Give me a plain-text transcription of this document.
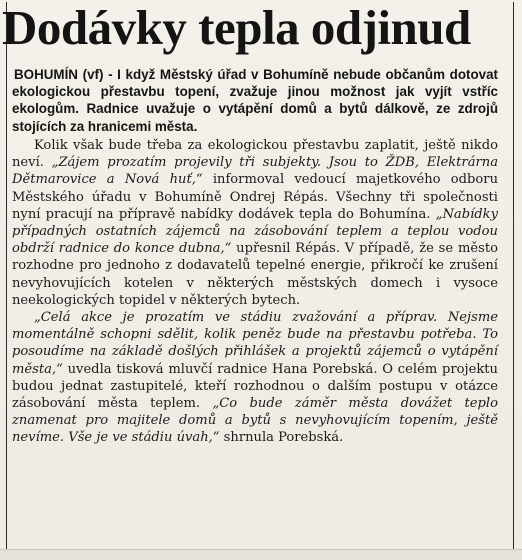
Dodávky tepla odjinud
BOHUMÍN (vf) - I když Městský úřad v Bohumíně nebude občanům dotovat ekologickou přestavbu topení, zvažuje jinou možnost jak vyjít vstříc ekologům. Radnice uvažuje o vytápění domů a bytů dálkově, ze zdrojů stojících za hranicemi města.

Kolik však bude třeba za ekologickou přestavbu zaplatit, ještě nikdo neví. „Zájem prozatím projevily tři subjekty. Jsou to ŽDB, Elektrárna Dětmarovice a Nová huť,“ informoval vedoucí majetkového odboru Městského úřadu v Bohumíně Ondrej Répás. Všechny tři společnosti nyní pracují na přípravě nabídky dodávek tepla do Bohumína. „Nabídky případných ostatních zájemců na zásobování teplem a teplou vodou obdrží radnice do konce dubna,“ upřesnil Répás. V případě, že se město rozhodne pro jednoho z dodavatelů tepelné energie, přikročí ke zrušení nevyhovujících kotelen v některých městských domech i vysoce neekologických topidel v některých bytech.

„Celá akce je prozatím ve stádiu zvažování a příprav. Nejsme momentálně schopni sdělit, kolik peněz bude na přestavbu potřeba. To posoudíme na základě došlých přihlášek a projektů zájemců o vytápění města,“ uvedla tisková mluvčí radnice Hana Porebská. O celém projektu budou jednat zastupitelé, kteří rozhodnou o dalším postupu v otázce zásobování města teplem. „Co bude záměr města dovážet teplo znamenat pro majitele domů a bytů s nevyhovujícím topením, ještě nevíme. Vše je ve stádiu úvah,“ shrnula Porebská.
